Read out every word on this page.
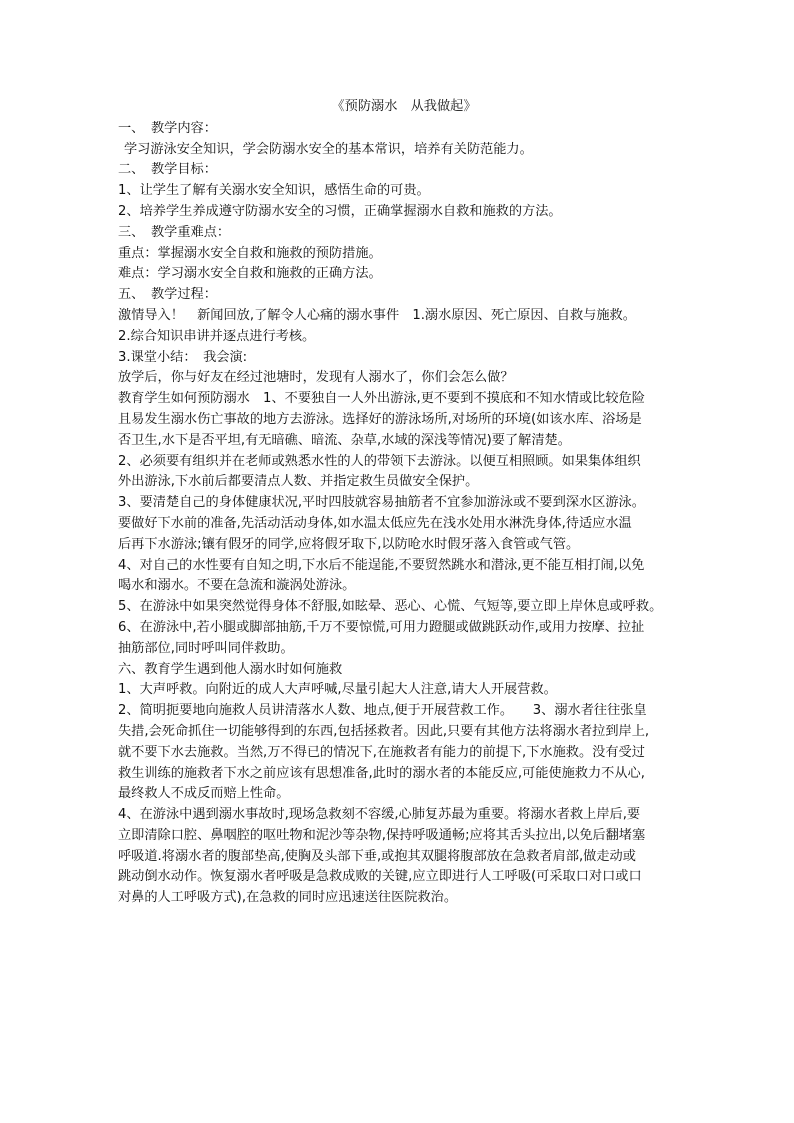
《预防溺水　从我做起》
一、　教学内容：
学习游泳安全知识，学会防溺水安全的基本常识，培养有关防范能力。
二、　教学目标：
1、让学生了解有关溺水安全知识，感悟生命的可贵。
2、培养学生养成遵守防溺水安全的习惯，正确掌握溺水自救和施救的方法。
三、　教学重难点：
重点：掌握溺水安全自救和施救的预防措施。
难点：学习溺水安全自救和施救的正确方法。
五、　教学过程：
激情导入！　新闻回放,了解令人心痛的溺水事件　1.溺水原因、死亡原因、自救与施救。
2.综合知识串讲并逐点进行考核。
3.课堂小结：　我会演:
放学后，你与好友在经过池塘时，发现有人溺水了，你们会怎么做？
教育学生如何预防溺水　1、不要独自一人外出游泳,更不要到不摸底和不知水情或比较危险
且易发生溺水伤亡事故的地方去游泳。选择好的游泳场所,对场所的环境(如该水库、浴场是
否卫生,水下是否平坦,有无暗礁、暗流、杂草,水域的深浅等情况)要了解清楚。
2、必须要有组织并在老师或熟悉水性的人的带领下去游泳。以便互相照顾。如果集体组织
外出游泳,下水前后都要清点人数、并指定救生员做安全保护。
3、要清楚自己的身体健康状况,平时四肢就容易抽筋者不宜参加游泳或不要到深水区游泳。
要做好下水前的准备,先活动活动身体,如水温太低应先在浅水处用水淋洗身体,待适应水温
后再下水游泳;镶有假牙的同学,应将假牙取下,以防呛水时假牙落入食管或气管。
4、对自己的水性要有自知之明,下水后不能逞能,不要贸然跳水和潜泳,更不能互相打闹,以免
喝水和溺水。不要在急流和漩涡处游泳。
5、在游泳中如果突然觉得身体不舒服,如眩晕、恶心、心慌、气短等,要立即上岸休息或呼救。
6、在游泳中,若小腿或脚部抽筋,千万不要惊慌,可用力蹬腿或做跳跃动作,或用力按摩、拉扯
抽筋部位,同时呼叫同伴救助。
六、教育学生遇到他人溺水时如何施救
1、大声呼救。向附近的成人大声呼喊,尽量引起大人注意,请大人开展营救。
2、简明扼要地向施救人员讲清落水人数、地点,便于开展营救工作。　　3、溺水者往往张皇
失措,会死命抓住一切能够得到的东西,包括拯救者。因此,只要有其他方法将溺水者拉到岸上,
就不要下水去施救。当然,万不得已的情况下,在施救者有能力的前提下,下水施救。没有受过
救生训练的施救者下水之前应该有思想准备,此时的溺水者的本能反应,可能使施救力不从心,
最终救人不成反而赔上性命。
4、在游泳中遇到溺水事故时,现场急救刻不容缓,心肺复苏最为重要。将溺水者救上岸后,要
立即清除口腔、鼻咽腔的呕吐物和泥沙等杂物,保持呼吸通畅;应将其舌头拉出,以免后翻堵塞
呼吸道.将溺水者的腹部垫高,使胸及头部下垂,或抱其双腿将腹部放在急救者肩部,做走动或
跳动倒水动作。恢复溺水者呼吸是急救成败的关键,应立即进行人工呼吸(可采取口对口或口
对鼻的人工呼吸方式),在急救的同时应迅速送往医院救治。
